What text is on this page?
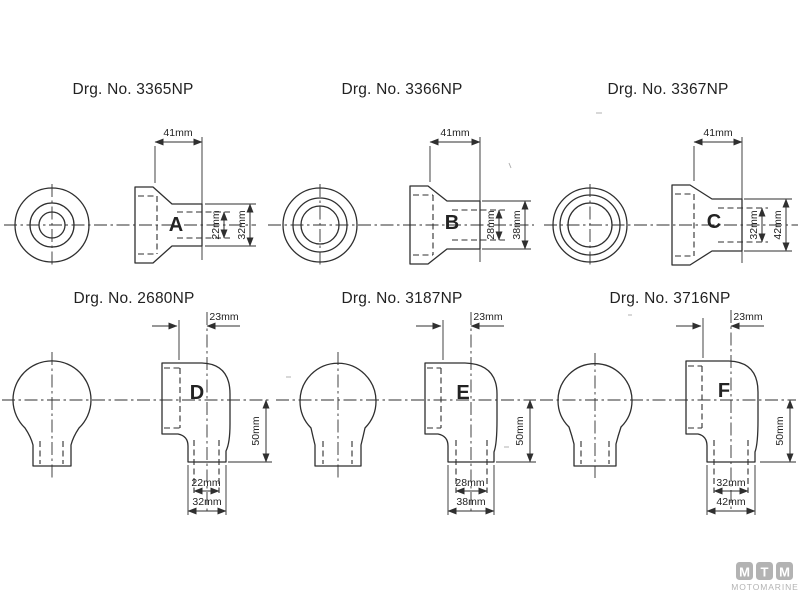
Drg. No. 3365NP
A
41mm
22mm 32mm
Drg. No. 3366NP
B
41mm
28mm 38mm
Drg. No. 3367NP
C
41mm
32mm 42mm
Drg. No. 2680NP
D
23mm
50mm
22mm
32mm
Drg. No. 3187NP
E
23mm
50mm
28mm
38mm
Drg. No. 3716NP
F
23mm
50mm
32mm
42mm
M T M
MOTOMARINE
